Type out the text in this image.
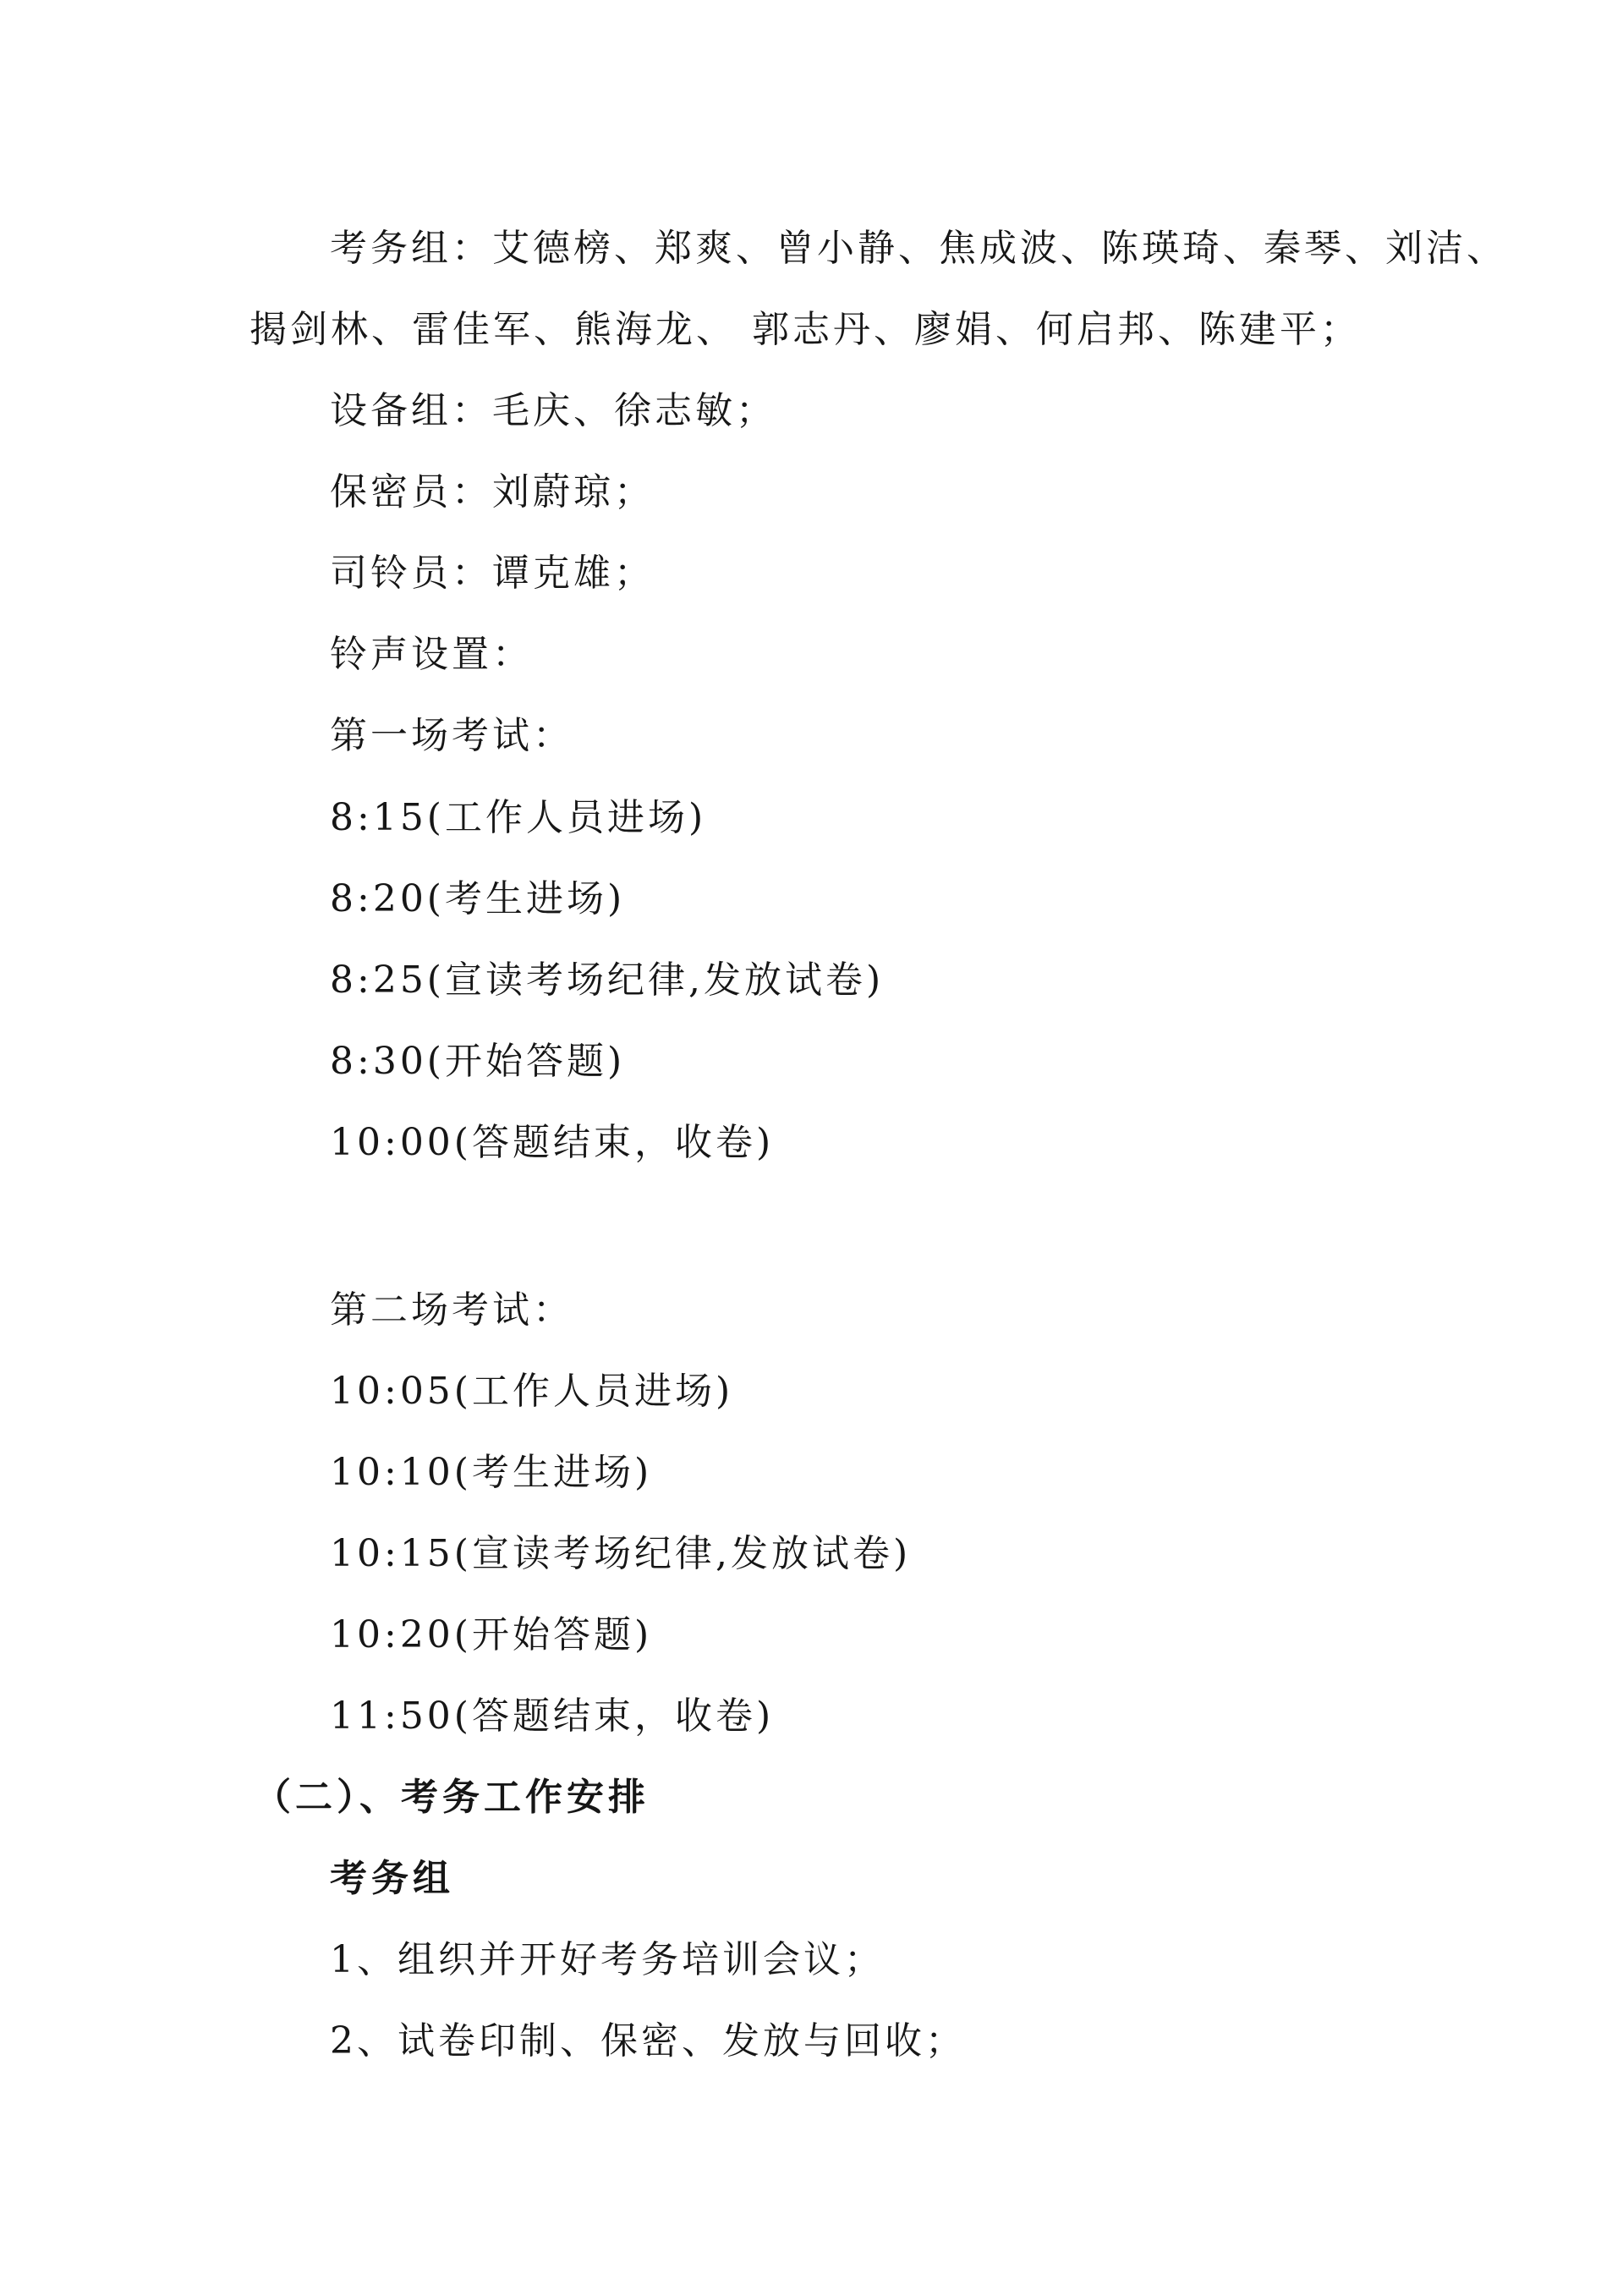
考务组：艾德榜、郑爽、曾小静、焦成波、陈瑛琦、秦琴、刘洁、
揭剑林、雷佳军、熊海龙、 郭志丹、廖娟、何启邦、陈建平；
设备组：毛庆、徐志敏；
保密员：刘蔚琼；
司铃员：谭克雄；
铃声设置：
第一场考试：
8:15(工作人员进场)
8:20(考生进场)
8:25(宣读考场纪律,发放试卷)
8:30(开始答题)
10:00(答题结束，收卷)
第二场考试：
10:05(工作人员进场)
10:10(考生进场)
10:15(宣读考场纪律,发放试卷)
10:20(开始答题)
11:50(答题结束，收卷)
（二）、考务工作安排
考务组
1、组织并开好考务培训会议；
2、试卷印制、保密、发放与回收；
